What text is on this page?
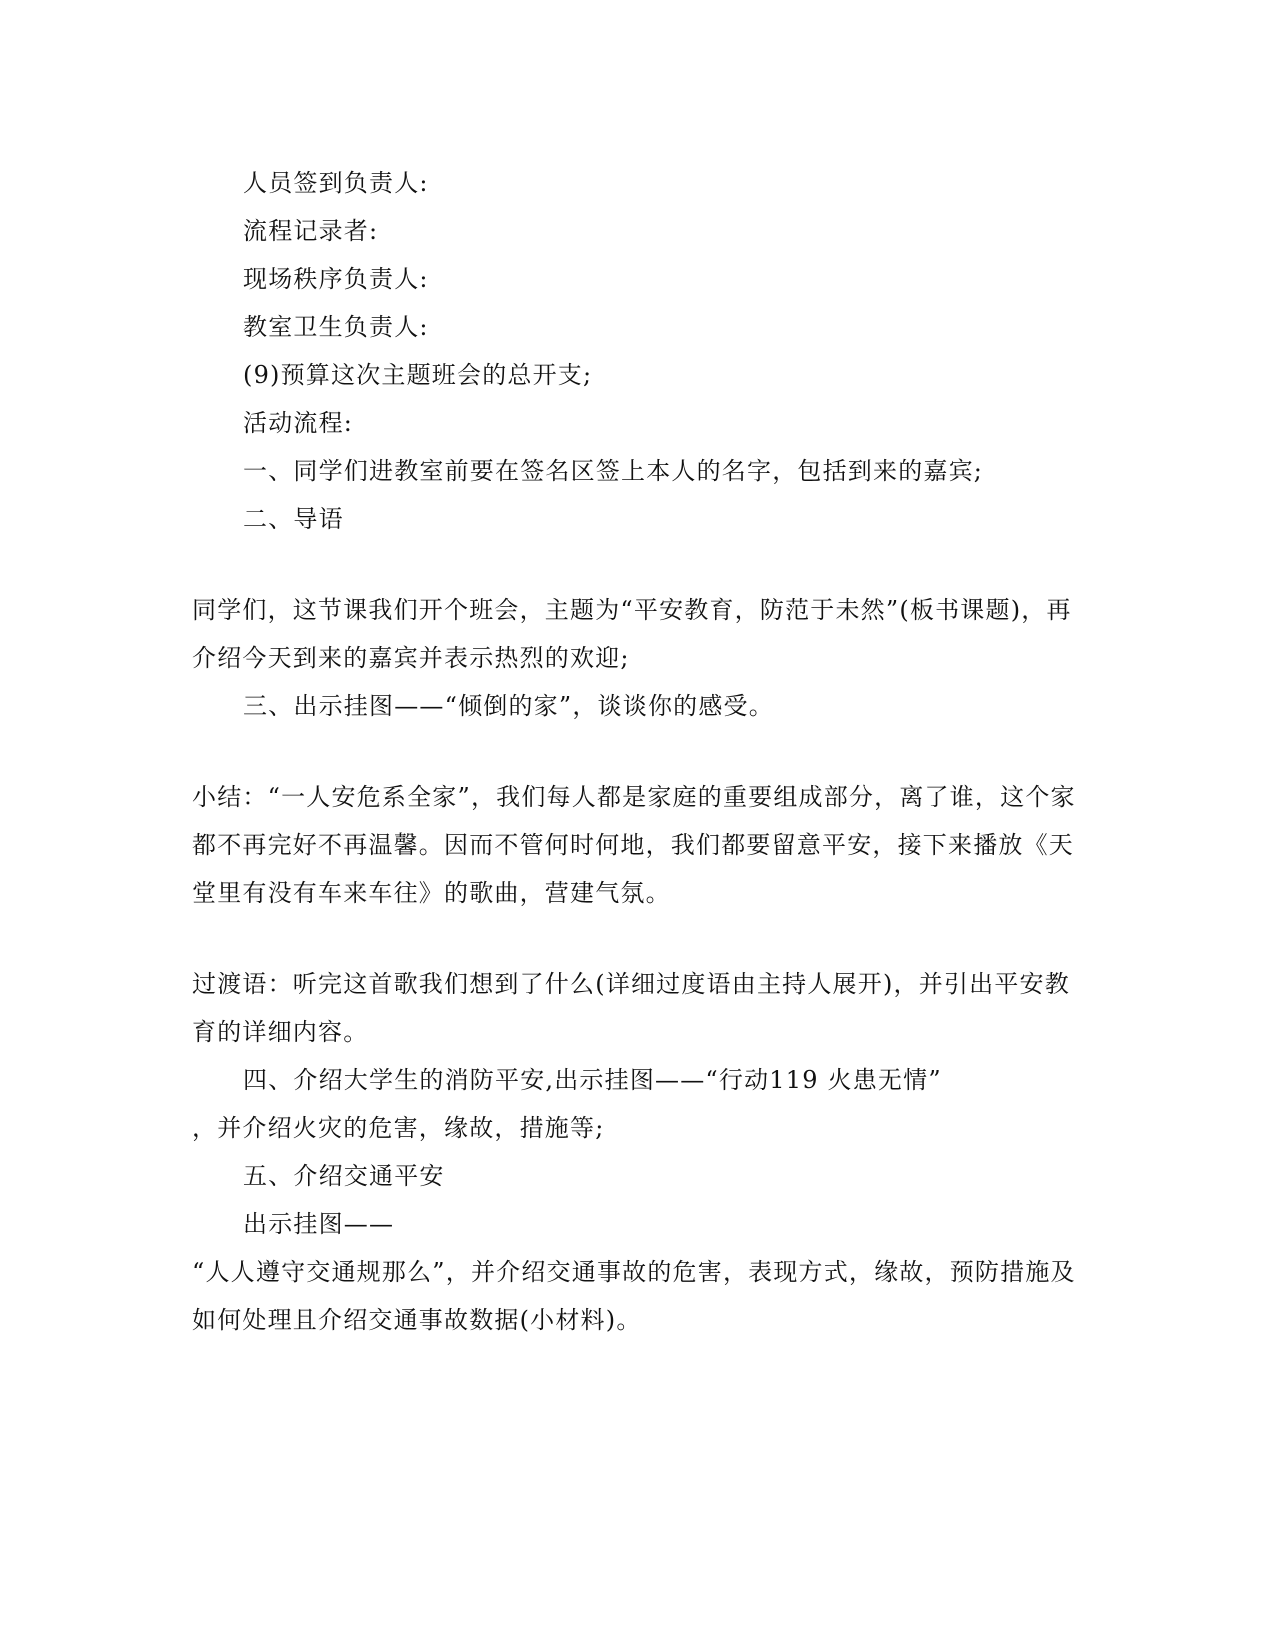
人员签到负责人:
流程记录者:
现场秩序负责人:
教室卫生负责人:
(9)预算这次主题班会的总开支;
活动流程:
一、同学们进教室前要在签名区签上本人的名字，包括到来的嘉宾;
二、导语
同学们，这节课我们开个班会，主题为“平安教育，防范于未然”(板书课题)，再
介绍今天到来的嘉宾并表示热烈的欢迎;
三、出示挂图——“倾倒的家”，谈谈你的感受。
小结：“一人安危系全家”，我们每人都是家庭的重要组成部分，离了谁，这个家
都不再完好不再温馨。因而不管何时何地，我们都要留意平安，接下来播放《天
堂里有没有车来车往》的歌曲，营建气氛。
过渡语：听完这首歌我们想到了什么(详细过度语由主持人展开)，并引出平安教
育的详细内容。
四、介绍大学生的消防平安,出示挂图——“行动119 火患无情”
，并介绍火灾的危害，缘故，措施等;
五、介绍交通平安
出示挂图——
“人人遵守交通规那么”，并介绍交通事故的危害，表现方式，缘故，预防措施及
如何处理且介绍交通事故数据(小材料)。
